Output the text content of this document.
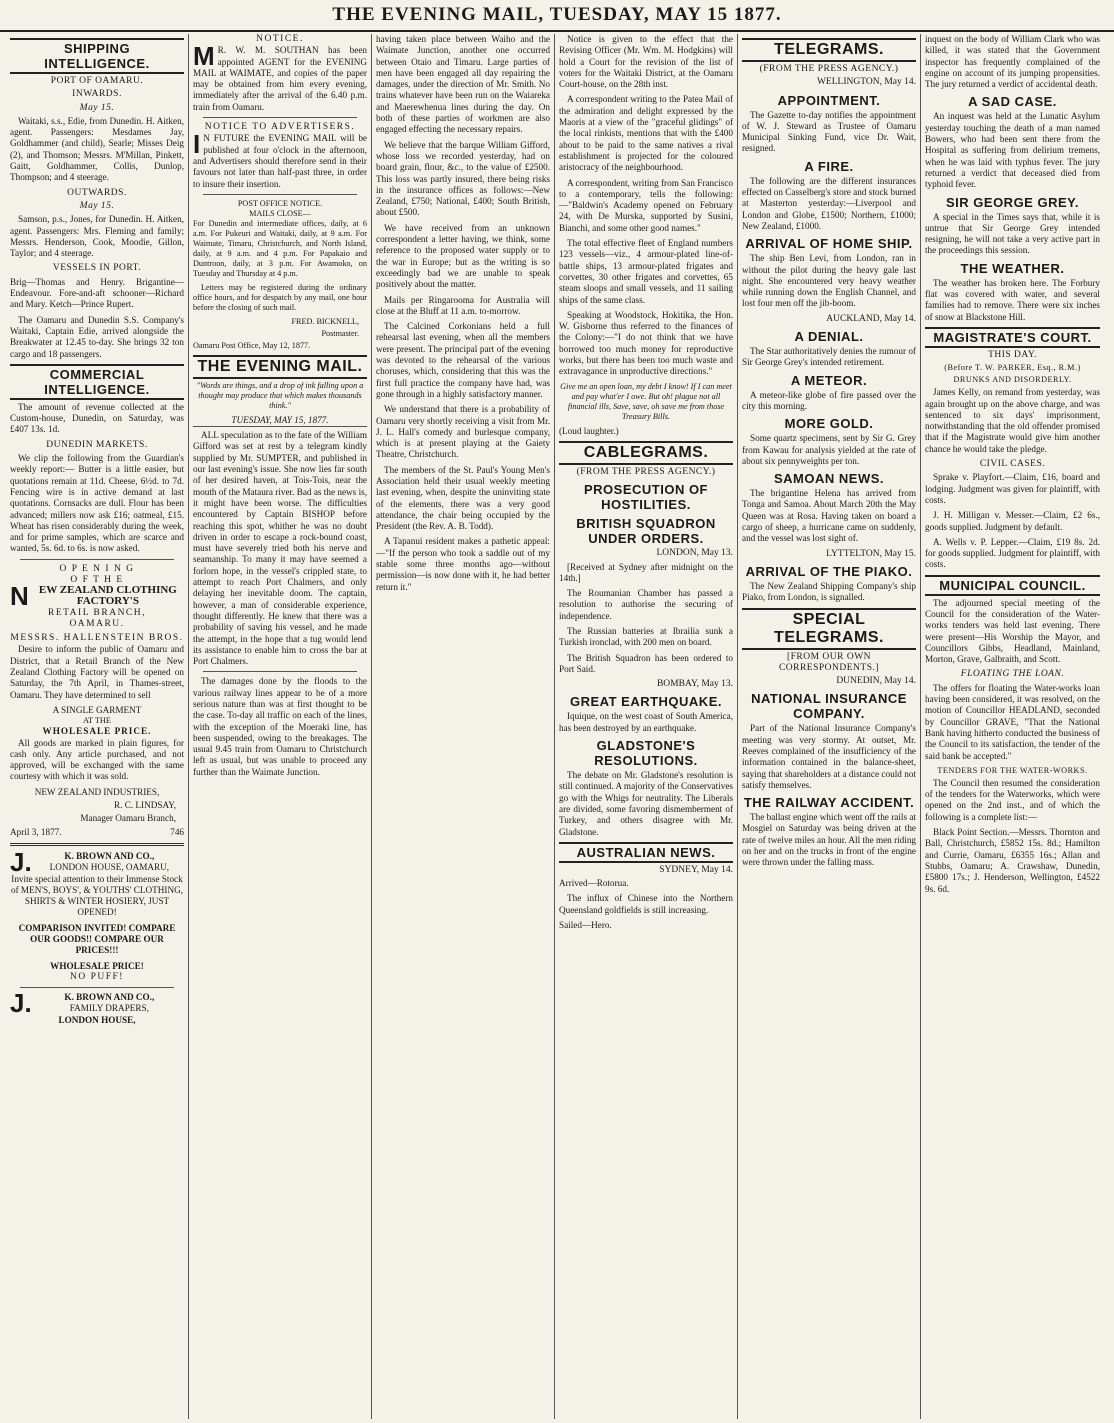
THE EVENING MAIL, TUESDAY, MAY 15 1877.
SHIPPING INTELLIGENCE.
PORT OF OAMARU.
INWARDS.
May 15.

Waitaki, s.s., Edie, from Dunedin. H. Aitken, agent. Passengers: Mesdames Jay, Goldhammer (and child), Searle; Misses Deig (2), and Thomson; Messrs. M'Millan, Pinkett, Gaitt, Goldhammer, Collis, Dunlop, Thompson; and 4 steerage.

OUTWARDS.
May 15.

Samson, p.s., Jones, for Dunedin. H. Aitken, agent. Passengers: Mrs. Fleming and family; Messrs. Henderson, Cook, Moodie, Gillon, Taylor; and 4 steerage.

VESSELS IN PORT.

Brig—Thomas and Henry. Brigantine—Endeavour. Fore-and-aft schooner—Richard and Mary. Ketch—Prince Rupert.

The Oamaru and Dunedin S.S. Company's Waitaki, Captain Edie, arrived alongside the Breakwater at 12.45 to-day. She brings 32 ton cargo and 18 passengers.

COMMERCIAL INTELLIGENCE.

The amount of revenue collected at the Custom-house, Dunedin, on Saturday, was £407 13s. 1d.

DUNEDIN MARKETS.

We clip the following from the Guardian's weekly report:— Butter is a little easier, but quotations remain at 11d. Cheese, 6½d. to 7d. Fencing wire is in active demand at last quotations. Cornsacks are dull. Flour has been advanced; millers now ask £16; oatmeal, £15. Wheat has risen considerably during the week, and for prime samples, which are scarce and wanted, 5s. 6d. to 6s. is now asked.

O P E N I N G
O F T H E
NEW ZEALAND CLOTHING FACTORY'S
RETAIL BRANCH,
OAMARU.
MESSRS. HALLENSTEIN BROS.

Desire to inform the public of Oamaru and District, that a Retail Branch of the New Zealand Clothing Factory will be opened on Saturday, the 7th April, in Thames-street, Oamaru. They have determined to sell

A SINGLE GARMENT
AT THE
WHOLESALE PRICE.

All goods are marked in plain figures, for cash only. Any article purchased, and not approved, will be exchanged with the same courtesy with which it was sold.

NEW ZEALAND INDUSTRIES,
R. C. LINDSAY,
Manager Oamaru Branch,
April 3, 1877.	746
J.	K. BROWN AND CO.,
LONDON HOUSE, OAMARU,

Invite special attention to their Immense Stock of MEN'S, BOYS', & YOUTHS' CLOTHING, SHIRTS & WINTER HOSIERY, JUST OPENED!

COMPARISON INVITED! COMPARE OUR GOODS!! COMPARE OUR PRICES!!!

WHOLESALE PRICE!
NO PUFF!
J.	K. BROWN AND CO.,
FAMILY DRAPERS,
LONDON HOUSE,
NOTICE.

M R. W. M. SOUTHAN has been appointed AGENT for the EVENING MAIL at WAIMATE, and copies of the paper may be obtained from him every evening, immediately after the arrival of the 6.40 p.m. train from Oamaru.

NOTICE TO ADVERTISERS.

I N FUTURE the EVENING MAIL will be published at four o'clock in the afternoon, and Advertisers should therefore send in their favours not later than half-past three, in order to insure their insertion.

POST OFFICE NOTICE.
MAILS CLOSE—

For Dunedin and intermediate offices, daily, at 6 a.m. For Pukeuri and Waitaki, daily, at 9 a.m. For Waimate, Timaru, Christchurch, and North Island, daily, at 9 a.m. and 4 p.m. For Papakaio and Duntroon, daily, at 3 p.m. For Awamoko, on Tuesday and Thursday at 4 p.m.

Letters may be registered during the ordinary office hours, and for despatch by any mail, one hour before the closing of such mail.

FRED. BICKNELL,
Postmaster.

Oamaru Post Office, May 12, 1877.

THE EVENING MAIL.

"Words are things, and a drop of ink falling upon a thought may produce that which makes thousands think."

TUESDAY, MAY 15, 1877.

ALL speculation as to the fate of the William Gifford was set at rest by a telegram kindly supplied by Mr. SUMPTER, and published in our last evening's issue. She now lies far south of her desired haven, at Tois-Tois, near the mouth of the Mataura river. Bad as the news is, it might have been worse. The difficulties encountered by Captain BISHOP before reaching this spot, whither he was no doubt driven in order to escape a rock-bound coast, must have severely tried both his nerve and seamanship. To many it may have seemed a forlorn hope, in the vessel's crippled state, to attempt to reach Port Chalmers, and only delaying her inevitable doom. The captain, however, a man of considerable experience, thought differently. He knew that there was a probability of saving his vessel, and he made the attempt, in the hope that a tug would lend its assistance to enable him to cross the bar at Port Chalmers.

The damages done by the floods to the various railway lines appear to be of a more serious nature than was at first thought to be the case. To-day all traffic on each of the lines, with the exception of the Moeraki line, has been suspended, owing to the breakages. The usual 9.45 train from Oamaru to Christchurch left as usual, but was unable to proceed any further than the Waimate Junction.

having taken place between Waiho and the Waimate Junction, another one occurred between Otaio and Timaru. Large parties of men have been engaged all day repairing the damages, under the direction of Mr. Smith. No trains whatever have been run on the Waiareka and Maerewhenua lines during the day. On both of these parties of workmen are also engaged effecting the necessary repairs.

We believe that the barque William Gifford, whose loss we recorded yesterday, had on board grain, flour, &c., to the value of £2500. This loss was partly insured, there being risks in the insurance offices as follows:—New Zealand, £750; National, £400; South British, about £500.

We have received from an unknown correspondent a letter having, we think, some reference to the proposed water supply or to the war in Europe; but as the writing is so exceedingly bad we are unable to speak positively about the matter.

Mails per Ringarooma for Australia will close at the Bluff at 11 a.m. to-morrow.

The Calcined Corkonians held a full rehearsal last evening, when all the members were present. The principal part of the evening was devoted to the rehearsal of the various choruses, which, considering that this was the first full practice the company have had, was gone through in a highly satisfactory manner.

We understand that there is a probability of Oamaru very shortly receiving a visit from Mr. J. L. Hall's comedy and burlesque company, which is at present playing at the Gaiety Theatre, Christchurch.

The members of the St. Paul's Young Men's Association held their usual weekly meeting last evening, when, despite the uninviting state of the elements, there was a very good attendance, the chair being occupied by the President (the Rev. A. B. Todd).

A Tapanui resident makes a pathetic appeal:—"If the person who took a saddle out of my stable some three months ago—without permission—is now done with it, he had better return it."

Notice is given to the effect that the Revising Officer (Mr. Wm. M. Hodgkins) will hold a Court for the revision of the list of voters for the Waitaki District, at the Oamaru Court-house, on the 28th inst.

A correspondent writing to the Patea Mail of the admiration and delight expressed by the Maoris at a view of the "graceful glidings" of the local rinkists, mentions that with the £400 about to be paid to the same natives a rival establishment is projected for the coloured aristocracy of the neighbourhood.

A correspondent, writing from San Francisco to a contemporary, tells the following:—"Baldwin's Academy opened on February 24, with De Murska, supported by Susini, Bianchi, and some other good names."

The total effective fleet of England numbers 123 vessels—viz., 4 armour-plated line-of-battle ships, 13 armour-plated frigates and corvettes, 30 other frigates and corvettes, 65 steam sloops and small vessels, and 11 sailing ships of the same class.

Speaking at Woodstock, Hokitika, the Hon. W. Gisborne thus referred to the finances of the Colony:—"I do not think that we have borrowed too much money for reproductive works, but there has been too much waste and extravagance in unproductive directions."

Give me an open loan, my debt I know! If I can meet and pay what'er I owe. But oh! plague not all financial ills, Save, save, oh save me from those Treasury Bills.

(Loud laughter.)

CABLEGRAMS.
(FROM THE PRESS AGENCY.)
PROSECUTION OF HOSTILITIES.
BRITISH SQUADRON UNDER ORDERS.
LONDON, May 13.

[Received at Sydney after midnight on the 14th.]

The Roumanian Chamber has passed a resolution to authorise the securing of independence.

The Russian batteries at Ibrailia sunk a Turkish ironclad, with 200 men on board.

The British Squadron has been ordered to Port Said.

BOMBAY, May 13.
GREAT EARTHQUAKE.

Iquique, on the west coast of South America, has been destroyed by an earthquake.

GLADSTONE'S RESOLUTIONS.

The debate on Mr. Gladstone's resolution is still continued. A majority of the Conservatives go with the Whigs for neutrality. The Liberals are divided, some favoring dismemberment of Turkey, and others disagree with Mr. Gladstone.

AUSTRALIAN NEWS.
SYDNEY, May 14.

Arrived—Rotorua.

The influx of Chinese into the Northern Queensland goldfields is still increasing.

Sailed—Hero.

TELEGRAMS.
(FROM THE PRESS AGENCY.)
WELLINGTON, May 14.
APPOINTMENT.

The Gazette to-day notifies the appointment of W. J. Steward as Trustee of Oamaru Municipal Sinking Fund, vice Dr. Wait, resigned.

A FIRE.

The following are the different insurances effected on Casselberg's store and stock burned at Masterton yesterday:—Liverpool and London and Globe, £1500; Northern, £1000; New Zealand, £1000.

ARRIVAL OF HOME SHIP.

The ship Ben Levi, from London, ran in without the pilot during the heavy gale last night. She encountered very heavy weather while running down the English Channel, and lost four men off the jib-boom.

AUCKLAND, May 14.
A DENIAL.

The Star authoritatively denies the rumour of Sir George Grey's intended retirement.

A METEOR.

A meteor-like globe of fire passed over the city this morning.

MORE GOLD.

Some quartz specimens, sent by Sir G. Grey from Kawau for analysis yielded at the rate of about six pennyweights per ton.

SAMOAN NEWS.

The brigantine Helena has arrived from Tonga and Samoa. About March 20th the May Queen was at Rosa. Having taken on board a cargo of sheep, a hurricane came on suddenly, and the vessel was lost sight of.

LYTTELTON, May 15.
ARRIVAL OF THE PIAKO.

The New Zealand Shipping Company's ship Piako, from London, is signalled.

SPECIAL TELEGRAMS.
[FROM OUR OWN CORRESPONDENTS.]
DUNEDIN, May 14.
NATIONAL INSURANCE COMPANY.

Part of the National Insurance Company's meeting was very stormy. At outset, Mr. Reeves complained of the insufficiency of the information contained in the balance-sheet, saying that shareholders at a distance could not satisfy themselves.

THE RAILWAY ACCIDENT.

The ballast engine which went off the rails at Mosgiel on Saturday was being driven at the rate of twelve miles an hour. All the men riding on her and on the trucks in front of the engine were thrown under the falling mass.

inquest on the body of William Clark who was killed, it was stated that the Government inspector has frequently complained of the engine on account of its jumping propensities. The jury returned a verdict of accidental death.

A SAD CASE.

An inquest was held at the Lunatic Asylum yesterday touching the death of a man named Bowers, who had been sent there from the Hospital as suffering from delirium tremens, when he was laid with typhus fever. The jury returned a verdict that deceased died from typhoid fever.

SIR GEORGE GREY.

A special in the Times says that, while it is untrue that Sir George Grey intended resigning, he will not take a very active part in the proceedings this session.

THE WEATHER.

The weather has broken here. The Forbury flat was covered with water, and several families had to remove. There were six inches of snow at Blackstone Hill.

MAGISTRATE'S COURT.
THIS DAY.
(Before T. W. PARKER, Esq., R.M.)
DRUNKS AND DISORDERLY.

James Kelly, on remand from yesterday, was again brought up on the above charge, and was sentenced to six days' imprisonment, notwithstanding that the old offender promised that if the Magistrate would give him another chance he would take the pledge.

CIVIL CASES.

Sprake v. Playfort.—Claim, £16, board and lodging. Judgment was given for plaintiff, with costs.

J. H. Milligan v. Messer.—Claim, £2 6s., goods supplied. Judgment by default.

A. Wells v. P. Lepper.—Claim, £19 8s. 2d. for goods supplied. Judgment for plaintiff, with costs.

MUNICIPAL COUNCIL.

The adjourned special meeting of the Council for the consideration of the Water-works tenders was held last evening. There were present—His Worship the Mayor, and Councillors Gibbs, Headland, Mainland, Morton, Grave, Galbraith, and Scott.

FLOATING THE LOAN.

The offers for floating the Water-works loan having been considered, it was resolved, on the motion of Councillor HEADLAND, seconded by Councillor GRAVE, "That the National Bank having hitherto conducted the business of the Council to its satisfaction, the tender of the said bank be accepted."

TENDERS FOR THE WATER-WORKS.

The Council then resumed the consideration of the tenders for the Waterworks, which were opened on the 2nd inst., and of which the following is a complete list:—

Black Point Section.—Messrs. Thornton and Ball, Christchurch, £5852 15s. 8d.; Hamilton and Currie, Oamaru, £6355 16s.; Allan and Stubbs, Oamaru; A. Crawshaw, Dunedin, £5800 17s.; J. Henderson, Wellington, £4522 9s. 6d.
